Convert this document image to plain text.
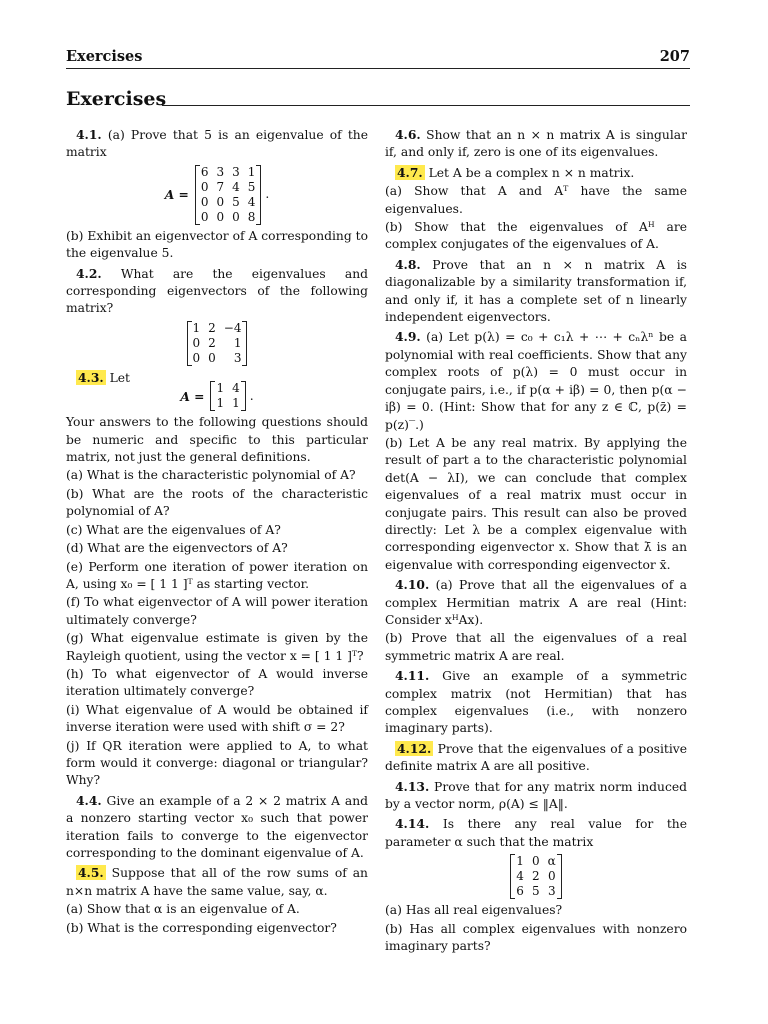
Exercises	207
Exercises

4.1. (a) Prove that 5 is an eigenvalue of the matrix

A =
6	3	3	1
0	7	4	5
0	0	5	4
0	0	0	8
.

(b) Exhibit an eigenvector of A corresponding to the eigenvalue 5.

4.2. What are the eigenvalues and corresponding eigenvectors of the following matrix?

1	2	−4
0	2	1
0	0	3

4.3. Let

A =
1	4
1	1
.

Your answers to the following questions should be numeric and specific to this particular matrix, not just the general definitions.

(a) What is the characteristic polynomial of A?

(b) What are the roots of the characteristic polynomial of A?

(c) What are the eigenvalues of A?

(d) What are the eigenvectors of A?

(e) Perform one iteration of power iteration on A, using x₀ = [ 1 1 ]ᵀ as starting vector.

(f) To what eigenvector of A will power iteration ultimately converge?

(g) What eigenvalue estimate is given by the Rayleigh quotient, using the vector x = [ 1 1 ]ᵀ?

(h) To what eigenvector of A would inverse iteration ultimately converge?

(i) What eigenvalue of A would be obtained if inverse iteration were used with shift σ = 2?

(j) If QR iteration were applied to A, to what form would it converge: diagonal or triangular? Why?

4.4. Give an example of a 2 × 2 matrix A and a nonzero starting vector x₀ such that power iteration fails to converge to the eigenvector corresponding to the dominant eigenvalue of A.

4.5. Suppose that all of the row sums of an n×n matrix A have the same value, say, α.

(a) Show that α is an eigenvalue of A.

(b) What is the corresponding eigenvector?

4.6. Show that an n × n matrix A is singular if, and only if, zero is one of its eigenvalues.

4.7. Let A be a complex n × n matrix.

(a) Show that A and Aᵀ have the same eigenvalues.

(b) Show that the eigenvalues of Aᴴ are complex conjugates of the eigenvalues of A.

4.8. Prove that an n × n matrix A is diagonalizable by a similarity transformation if, and only if, it has a complete set of n linearly independent eigenvectors.

4.9. (a) Let p(λ) = c₀ + c₁λ + ⋯ + cₙλⁿ be a polynomial with real coefficients. Show that any complex roots of p(λ) = 0 must occur in conjugate pairs, i.e., if p(α + iβ) = 0, then p(α − iβ) = 0. (Hint: Show that for any z ∈ ℂ, p(z̄) = p(z)‾.)

(b) Let A be any real matrix. By applying the result of part a to the characteristic polynomial det(A − λI), we can conclude that complex eigenvalues of a real matrix must occur in conjugate pairs. This result can also be proved directly: Let λ be a complex eigenvalue with corresponding eigenvector x. Show that λ̄ is an eigenvalue with corresponding eigenvector x̄.

4.10. (a) Prove that all the eigenvalues of a complex Hermitian matrix A are real (Hint: Consider xᴴAx).

(b) Prove that all the eigenvalues of a real symmetric matrix A are real.

4.11. Give an example of a symmetric complex matrix (not Hermitian) that has complex eigenvalues (i.e., with nonzero imaginary parts).

4.12. Prove that the eigenvalues of a positive definite matrix A are all positive.

4.13. Prove that for any matrix norm induced by a vector norm, ρ(A) ≤ ‖A‖.

4.14. Is there any real value for the parameter α such that the matrix

1	0	α
4	2	0
6	5	3

(a) Has all real eigenvalues?

(b) Has all complex eigenvalues with nonzero imaginary parts?
